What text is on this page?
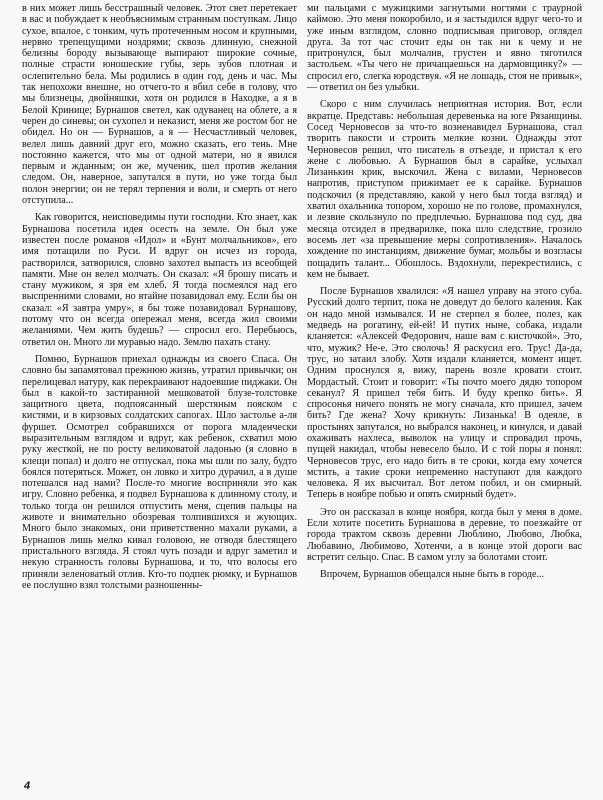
в них может лишь бесстрашный человек. Этот свет перетекает в вас и побуждает к необъяснимым странным поступкам. Лицо сухое, впалое, с тонким, чуть протеченным носом и крупными, нервно трепещущими ноздрями; сквозь длинную, снежной белизны бороду вызывающе выпирают широкие сочные, полные страсти юношеские губы, зерь зубов плотная и ослепительно бела. Мы родились в один год, день и час. Мы так непохожи внешне, но отчего-то я вбил себе в голову, что мы близнецы, двойняшки, хотя он родился в Находке, а я в Белой Кринице; Бурнашов светел, как одуванец на облете, а я черен до синевы; он сухопел и неказист, меня же ростом бог не обидел. Но он — Бурнашов, а я — Несчастливый человек, велел лишь давний друг его, можно сказать, его тень. Мне постоянно кажется, что мы от одной матери, но я явился первым и жданным; он же, мученик, шел против желания следом. Он, наверное, запутался в пути, но уже тогда был полон энергии; он не терял терпения и воли, и смерть от него отступила...

Как говорится, неисповедимы пути господни. Кто знает, как Бурнашова посетила идея осесть на земле. Он был уже известен после романов «Идол» и «Бунт молчальников», его имя потащили по Руси. И вдруг он исчез из города, растворился, затворился, словно захотел выпасть из всеобщей памяти. Мне он велел молчать. Он сказал: «Я брошу писать и стану мужиком, я зря ем хлеб. Я тогда посмеялся над его выспренними словами, но втайне позавидовал ему. Если бы он сказал: «Я завтра умру», я бы тоже позавидовал Бурнашову, потому что он всегда опережал меня, всегда жил своими желаниями. Чем жить будешь? — спросил его. Перебьюсь, ответил он. Много ли муравью надо. Землю пахать стану.

Помню, Бурнашов приехал однажды из своего Спаса. Он словно бы запамятовал прежнюю жизнь, утратил привычки; он перелицевал натуру, как перекраивают надоевшие пиджаки. Он был в какой-то застиранной мешковатой блузе-толстовке защитного цвета, подпоясанный шерстяным пояском с кистями, и в кирзовых солдатских сапогах. Шло застолье а-ля фуршет. Осмотрел собравшихся от порога младенчески выразительным взглядом и вдруг, как ребенок, схватил мою руку жесткой, не по росту великоватой ладонью (я словно в клещи попал) и долго не отпускал, пока мы шли по залу, будто боялся потеряться. Может, он ловко и хитро дурачил, а в душе потешался над нами? После-то многие восприняли это как игру. Словно ребенка, я подвел Бурнашова к длинному столу, и только тогда он решился отпустить меня, сцепив пальцы на животе и внимательно обозревая толпившихся и жующих. Много было знакомых, они приветственно махали руками, а Бурнашов лишь мелко кивал головою, не отводя блестящего пристального взгляда. Я стоял чуть позади и вдруг заметил и некую странность головы Бурнашова, и то, что волосы его приняли зеленоватый отлив. Кто-то подпек рюмку, и Бурнашов ее послушно взял толстыми разношенны-

ми пальцами с мужицкими загнутыми ногтями с траурной каймою. Это меня покоробило, и я застыдился вдруг чего-то и уже иным взглядом, словно подписывая приговор, оглядел друга. За тот час сточит еды он так ни к чему и не притронулся, был молчалив, грустен и явно тяготился застольем. «Ты чего не причащаешься на дармовщинку?» — спросил его, слегка юродствуя. «Я не лошадь, стоя не привык»,— ответил он без улыбки.

Скоро с ним случилась неприятная история. Вот, если вкратце. Представь: небольшая деревенька на юге Рязанщины. Сосед Черновесов за что-то возненавидел Бурнашова, стал творить пакости и строить мелкие козни. Однажды этот Черновесов решил, что писатель в отъезде, и пристал к его жене с любовью. А Бурнашов был в сарайке, услыхал Лизанькин крик, выскочил. Жена с вилами, Черновесов напротив, приступом прижимает ее к сарайке. Бурнашов подскочил (я представляю, какой у него был тогда взгляд) и хватил охальника топором, хорошо не по голове, промахнулся, и лезвие скользнуло по предплечью. Бурнашова под суд, два месяца отсидел в предварилке, пока шло следствие, грозило восемь лет «за превышение меры сопротивления». Началось хождение по инстанциям, движение бумаг, мольбы и возгласы пощадить талант... Обошлось. Вздохнули, перекрестились, с кем не бывает.

После Бурнашов хвалился: «Я нашел управу на этого суба. Русский долго терпит, пока не доведут до белого каления. Как он надо мной измывался. И не стерпел я более, полез, как медведь на рогатину, ей-ей! И путих ныне, собака, издали кланяется: «Алексей Федорович, наше вам с кисточкой». Это, что, мужик? Не-е. Это сволочь! Я раскусил его. Трус! Да-да, трус, но затаил злобу. Хотя издали кланяется, момент ищет. Одним проснулся я, вижу, парень возле кровати стоит. Мордастый. Стоит и говорит: «Ты почто моего дядю топором секанул? Я пришел тебя бить. И буду крепко бить». Я спросонья ничего понять не могу сначала, кто пришел, зачем бить? Где жена? Хочу крикнуть: Лизанька! В одеяле, в простынях запутался, но выбрался наконец, и кинулся, и давай охаживать нахлеса, выволок на улицу и спровадил прочь, пущей накидал, чтобы невесело было. И с той поры я понял: Черновесов трус, его надо бить в те сроки, когда ему хочется мстить, а такие сроки непременно наступают для каждого человека. Я их высчитал. Вот летом побил, и он смирный. Теперь в ноябре побью и опять смирный будет».

Это он рассказал в конце ноября, когда был у меня в доме. Если хотите посетить Бурнашова в деревне, то поезжайте от города трактом сквозь деревни Люблино, Любово, Любка, Любавино, Любимово, Хотенчи, а в конце этой дороги вас встретит сельцо. Спас. В самом углу за болотами стоит.

Впрочем, Бурнашов обещался ныне быть в городе...

4
